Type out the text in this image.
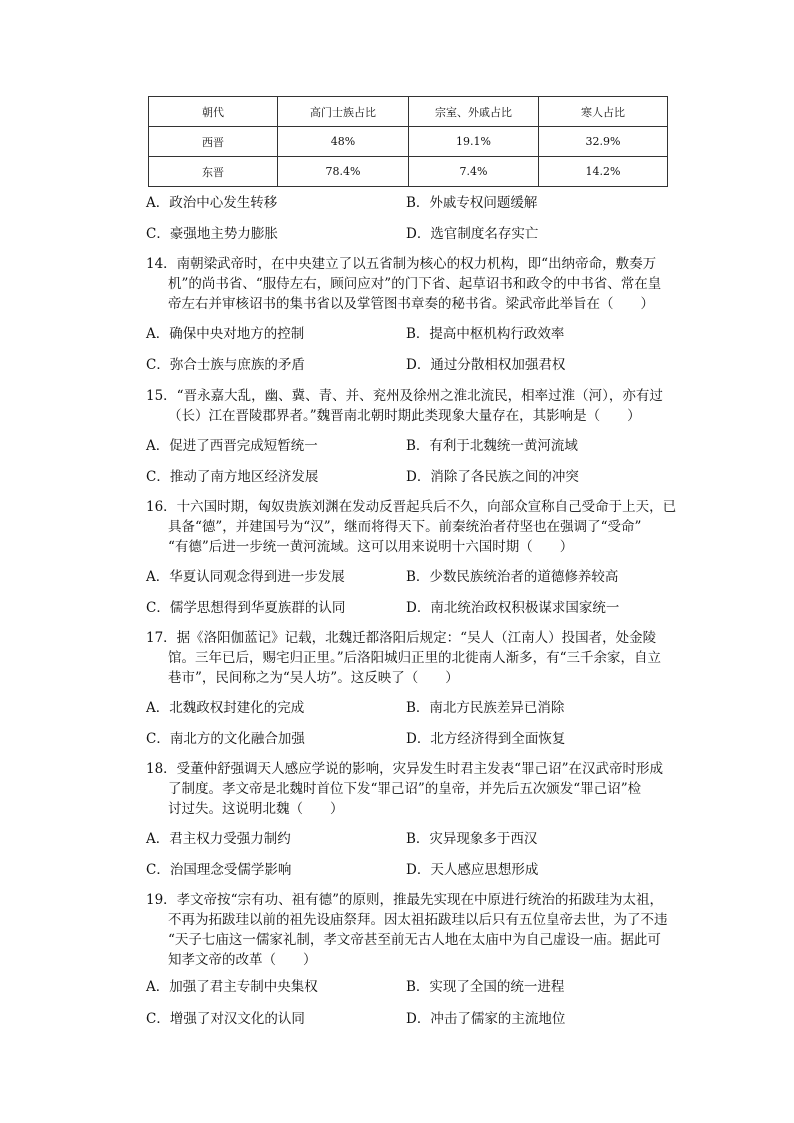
朝代	高门士族占比	宗室、外戚占比	寒人占比
西晋	48%	19.1%	32.9%
东晋	78.4%	7.4%	14.2%
A．政治中心发生转移	B．外戚专权问题缓解
C．豪强地主势力膨胀	D．选官制度名存实亡
14．南朝梁武帝时，在中央建立了以五省制为核心的权力机构，即“出纳帝命，敷奏万
机”的尚书省、“服侍左右，顾问应对”的门下省、起草诏书和政令的中书省、常在皇
帝左右并审核诏书的集书省以及掌管图书章奏的秘书省。梁武帝此举旨在（　　）
A．确保中央对地方的控制	B．提高中枢机构行政效率
C．弥合士族与庶族的矛盾	D．通过分散相权加强君权
15．“晋永嘉大乱，幽、冀、青、并、兖州及徐州之淮北流民，相率过淮（河），亦有过
（长）江在晋陵郡界者。”魏晋南北朝时期此类现象大量存在，其影响是（　　）
A．促进了西晋完成短暂统一	B．有利于北魏统一黄河流域
C．推动了南方地区经济发展	D．消除了各民族之间的冲突
16．十六国时期，匈奴贵族刘渊在发动反晋起兵后不久，向部众宣称自己受命于上天，已
具备“德”，并建国号为“汉”，继而将得天下。前秦统治者苻坚也在强调了“受命”
“有德”后进一步统一黄河流域。这可以用来说明十六国时期（　　）
A．华夏认同观念得到进一步发展	B．少数民族统治者的道德修养较高
C．儒学思想得到华夏族群的认同	D．南北统治政权积极谋求国家统一
17．据《洛阳伽蓝记》记载，北魏迁都洛阳后规定：“吴人（江南人）投国者，处金陵
馆。三年已后，赐宅归正里。”后洛阳城归正里的北徙南人渐多，有“三千余家，自立
巷市”，民间称之为“吴人坊”。这反映了（　　）
A．北魏政权封建化的完成	B．南北方民族差异已消除
C．南北方的文化融合加强	D．北方经济得到全面恢复
18．受董仲舒强调天人感应学说的影响，灾异发生时君主发表“罪己诏”在汉武帝时形成
了制度。孝文帝是北魏时首位下发“罪己诏”的皇帝，并先后五次颁发“罪己诏”检
讨过失。这说明北魏（　　）
A．君主权力受强力制约	B．灾异现象多于西汉
C．治国理念受儒学影响	D．天人感应思想形成
19．孝文帝按“宗有功、祖有德”的原则，推最先实现在中原进行统治的拓跋珪为太祖，
不再为拓跋珪以前的祖先设庙祭拜。因太祖拓跋珪以后只有五位皇帝去世，为了不违
“天子七庙这一儒家礼制，孝文帝甚至前无古人地在太庙中为自己虚设一庙。据此可
知孝文帝的改革（　　）
A．加强了君主专制中央集权	B．实现了全国的统一进程
C．增强了对汉文化的认同	D．冲击了儒家的主流地位
